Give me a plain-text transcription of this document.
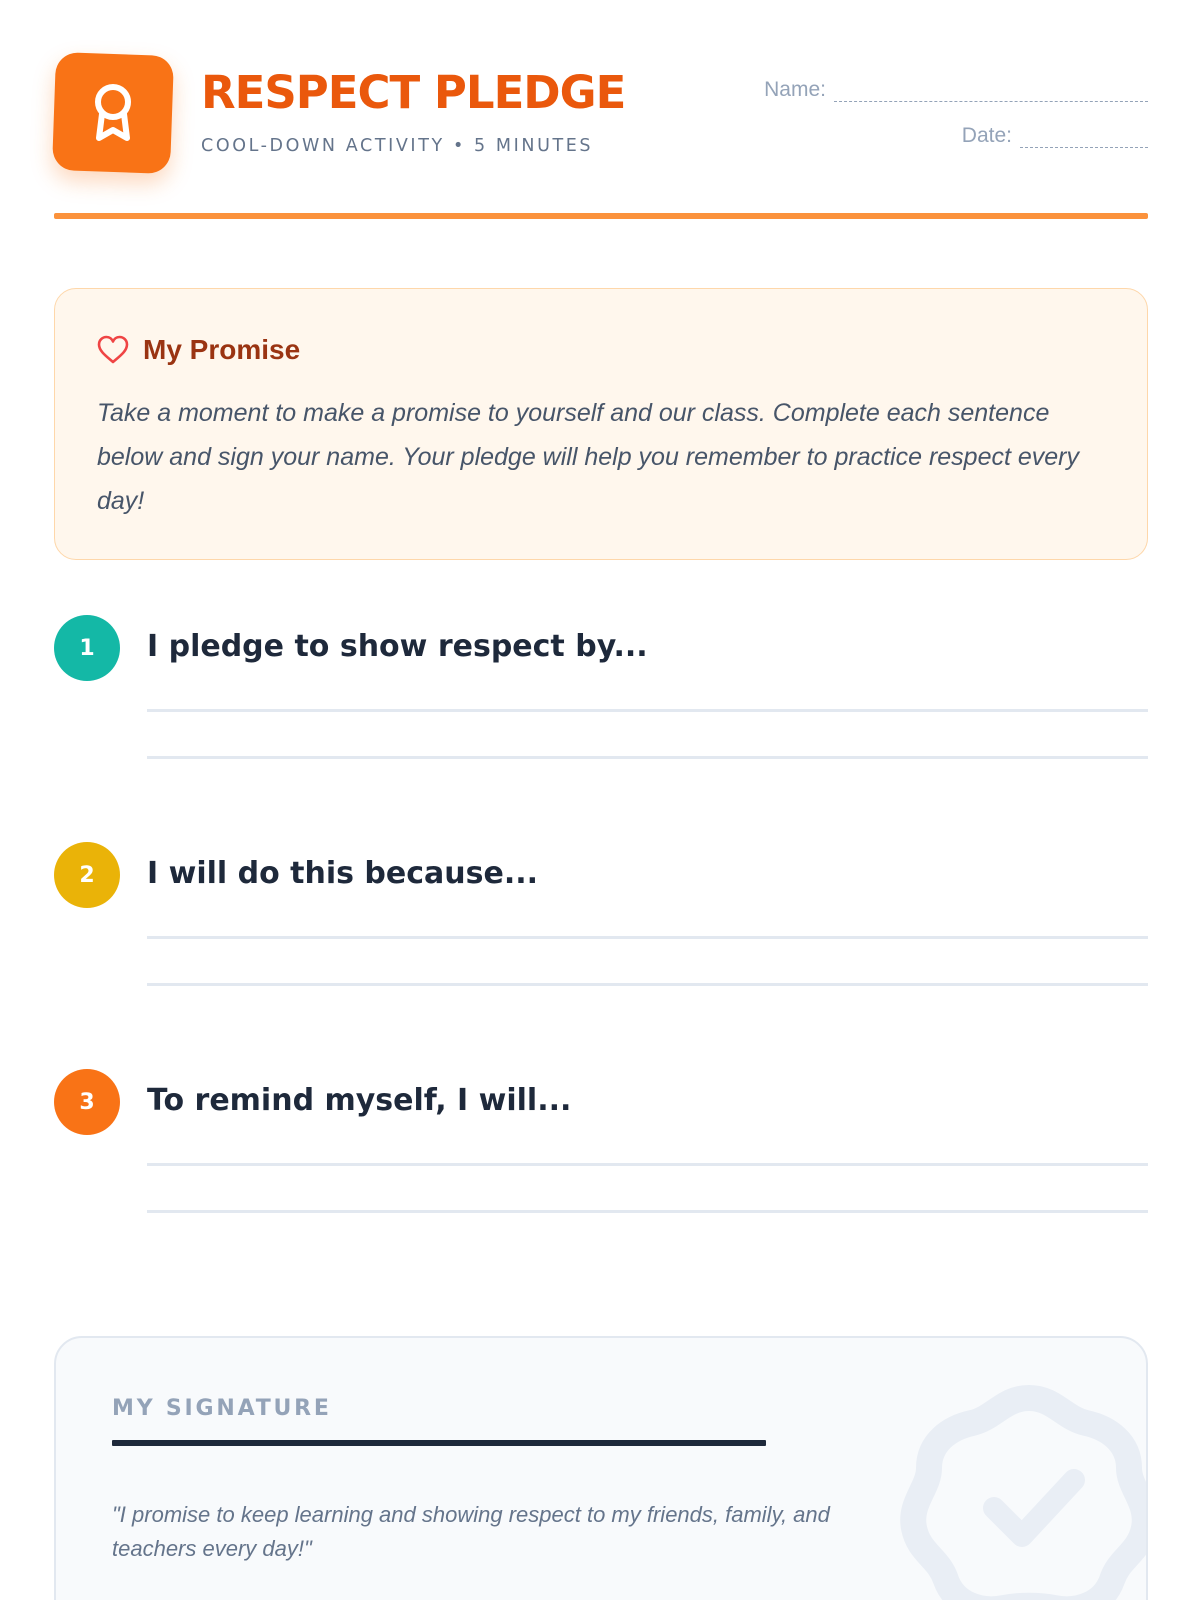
RESPECT PLEDGE
COOL-DOWN ACTIVITY • 5 MINUTES
Name:
Date:
My Promise
Take a moment to make a promise to yourself and our class. Complete each sentence below and sign your name. Your pledge will help you remember to practice respect every day!
1	I pledge to show respect by...
2	I will do this because...
3	To remind myself, I will...
MY SIGNATURE
"I promise to keep learning and showing respect to my friends, family, and teachers every day!"
